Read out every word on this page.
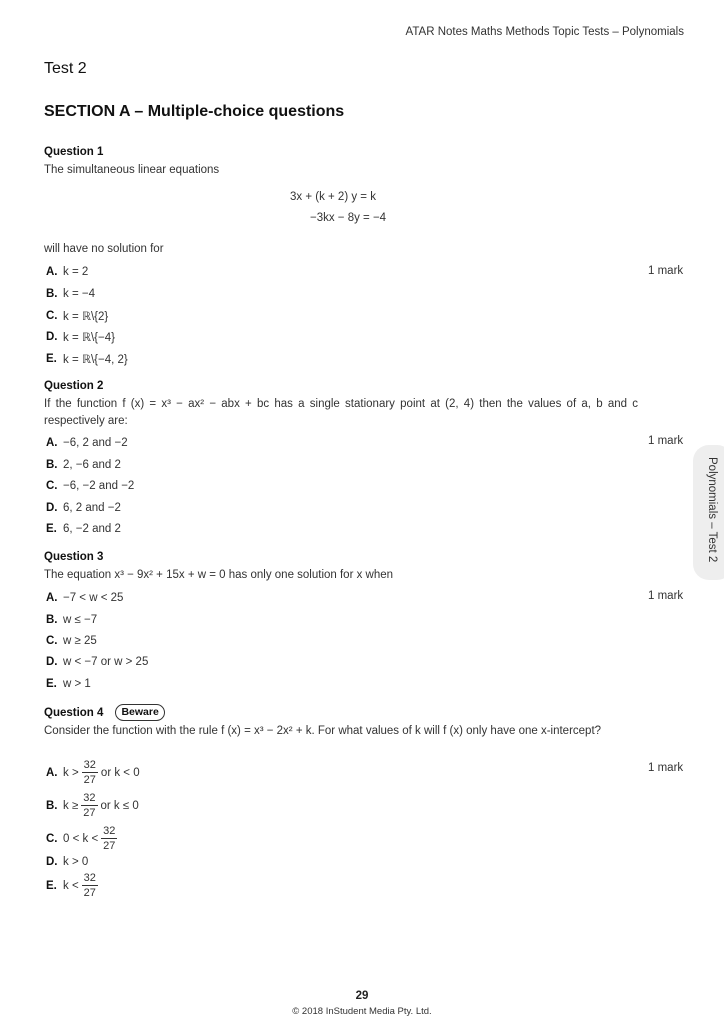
ATAR Notes Maths Methods Topic Tests – Polynomials
Test 2
SECTION A – Multiple-choice questions
Question 1
The simultaneous linear equations
3x + (k + 2) y = k
−3kx − 8y = −4
will have no solution for
1 mark
A. k = 2
B. k = −4
C. k = ℝ\{2}
D. k = ℝ\{−4}
E. k = ℝ\{−4, 2}
Question 2
If the function f (x) = x³ − ax² − abx + bc has a single stationary point at (2, 4) then the values of a, b and c respectively are:
1 mark
A. −6, 2 and −2
B. 2, −6 and 2
C. −6, −2 and −2
D. 6, 2 and −2
E. 6, −2 and 2	Polynomials – Test 2
Question 3
The equation x³ − 9x² + 15x + w = 0 has only one solution for x when
1 mark
A. −7 < w < 25
B. w ≤ −7
C. w ≥ 25
D. w < −7 or w > 25
E. w > 1
Question 4	Beware
Consider the function with the rule f (x) = x³ − 2x² + k. For what values of k will f (x) only have one x-intercept?
1 mark
A. $k > \frac{32}{27}$ or k < 0
B. $k \ge \frac{32}{27}$ or k ≤ 0
C. $0 < k < \frac{32}{27}$
D. k > 0
E. $k < \frac{32}{27}$
29
© 2018 InStudent Media Pty. Ltd.
